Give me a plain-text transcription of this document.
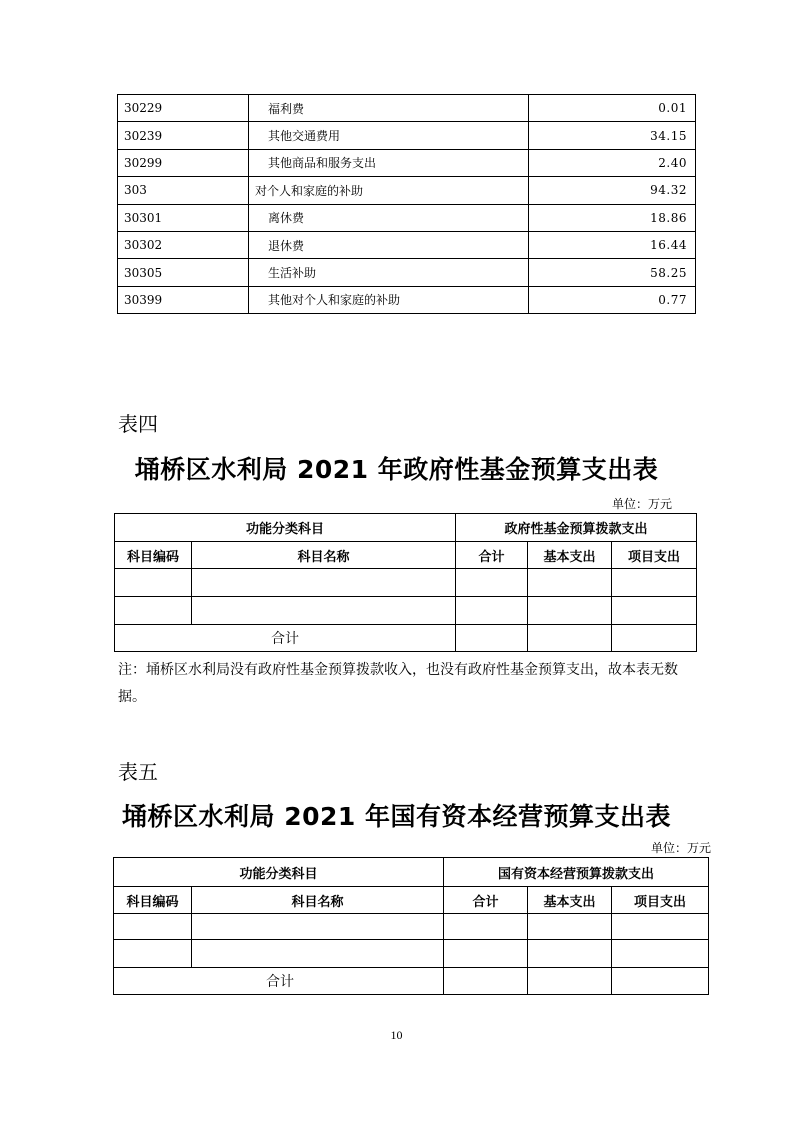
30229	福利费	0.01
30239	其他交通费用	34.15
30299	其他商品和服务支出	2.40
303	对个人和家庭的补助	94.32
30301	离休费	18.86
30302	退休费	16.44
30305	生活补助	58.25
30399	其他对个人和家庭的补助	0.77
表四
埇桥区水利局 2021 年政府性基金预算支出表
单位：万元
功能分类科目		政府性基金预算拨款支出		
科目编码	科目名称	合计	基本支出	项目支出

合计				
注：埇桥区水利局没有政府性基金预算拨款收入，也没有政府性基金预算支出，故本表无数据。
表五
埇桥区水利局 2021 年国有资本经营预算支出表
单位：万元
功能分类科目		国有资本经营预算拨款支出		
科目编码	科目名称	合计	基本支出	项目支出

合计				
10
